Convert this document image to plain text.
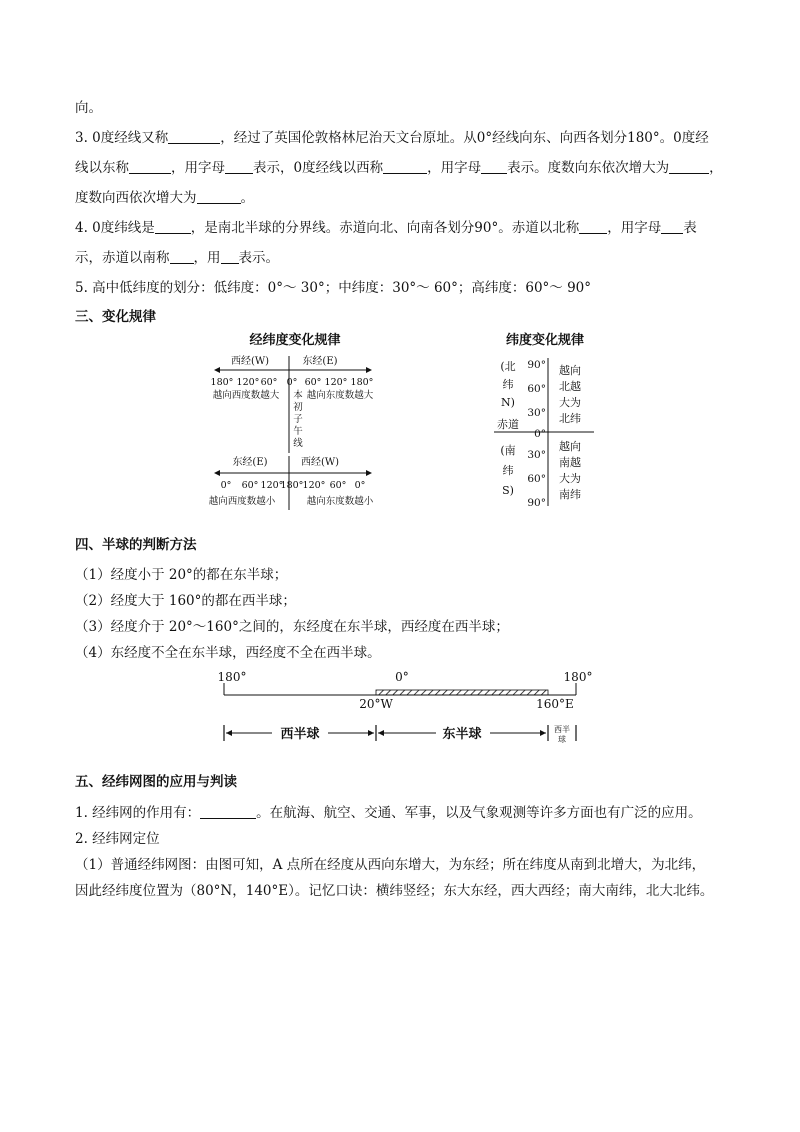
向。
3. 0度经线又称	，经过了英国伦敦格林尼治天文台原址。从0°经线向东、向西各划分180°。0度经
线以东称	，用字母 表示，0度经线以西称	，用字母 表示。度数向东依次增大为	，
度数向西依次增大为	。
4. 0度纬线是	，是南北半球的分界线。赤道向北、向南各划分90°。赤道以北称 ，用字母 表
示，赤道以南称 ，用 表示。
5. 高中低纬度的划分：低纬度：0°～ 30°；中纬度：30°～ 60°；高纬度：60°～ 90°
三、变化规律
经纬度变化规律
西经(W)	东经(E)
180° 120° 60° 0° 60° 120° 180°
越向西度数越大	越向东度数越大
本
初
子
午
线
东经(E)	西经(W)
0° 60° 120°
180° 120° 60° 0°
越向西度数越小	越向东度数越小
纬度变化规律
(北
纬
N)
赤道
(南
纬
S)
90°
60°
30°
0°
30°
60°
90°
越向
北越
大为
北纬
越向
南越
大为
南纬
四、半球的判断方法
（1）经度小于 20°的都在东半球；
（2）经度大于 160°的都在西半球；
（3）经度介于 20°～160°之间的，东经度在东半球，西经度在西半球；
（4）东经度不全在东半球，西经度不全在西半球。
180°	0°	180°
20°W	160°E
西半球	东半球	西半
球
五、经纬网图的应用与判读
1. 经纬网的作用有：	。在航海、航空、交通、军事，以及气象观测等许多方面也有广泛的应用。
2. 经纬网定位
（1）普通经纬网图：由图可知，A 点所在经度从西向东增大，为东经；所在纬度从南到北增大，为北纬，
因此经纬度位置为（80°N，140°E）。记忆口诀：横纬竖经；东大东经，西大西经；南大南纬，北大北纬。
